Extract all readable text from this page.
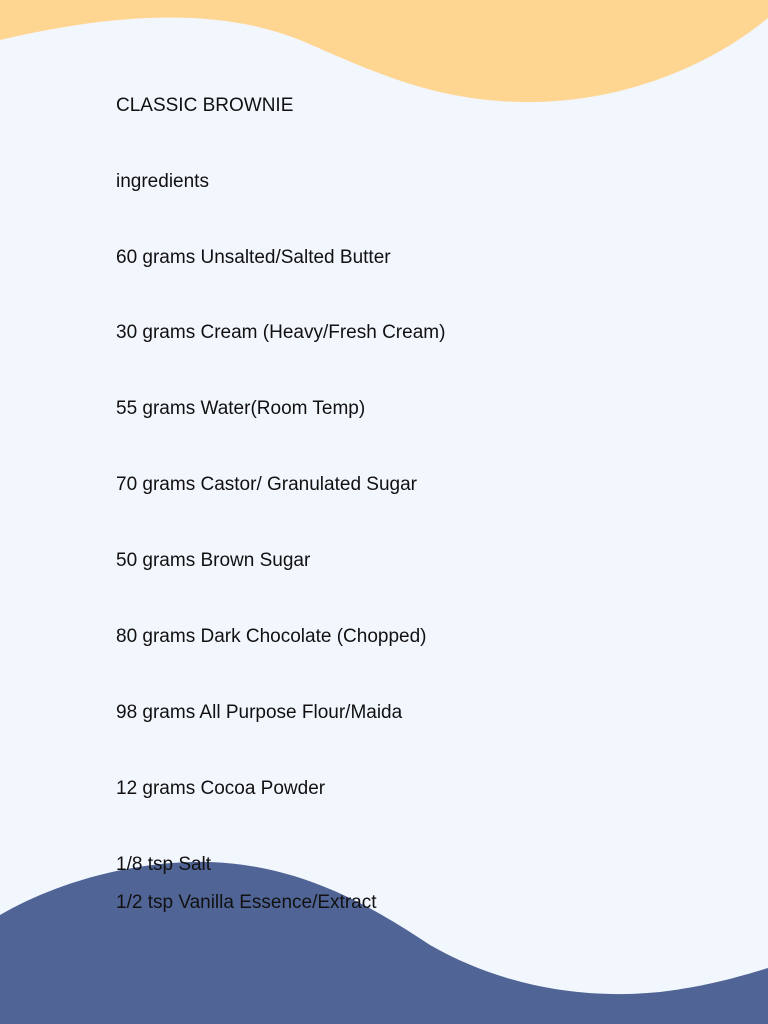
CLASSIC BROWNIE

ingredients

60 grams Unsalted/Salted Butter

30 grams Cream (Heavy/Fresh Cream)

55 grams Water(Room Temp)

70 grams Castor/ Granulated Sugar

50 grams Brown Sugar

80 grams Dark Chocolate (Chopped)

98 grams All Purpose Flour/Maida

12 grams Cocoa Powder

1/8 tsp Salt

1/2 tsp Vanilla Essence/Extract
